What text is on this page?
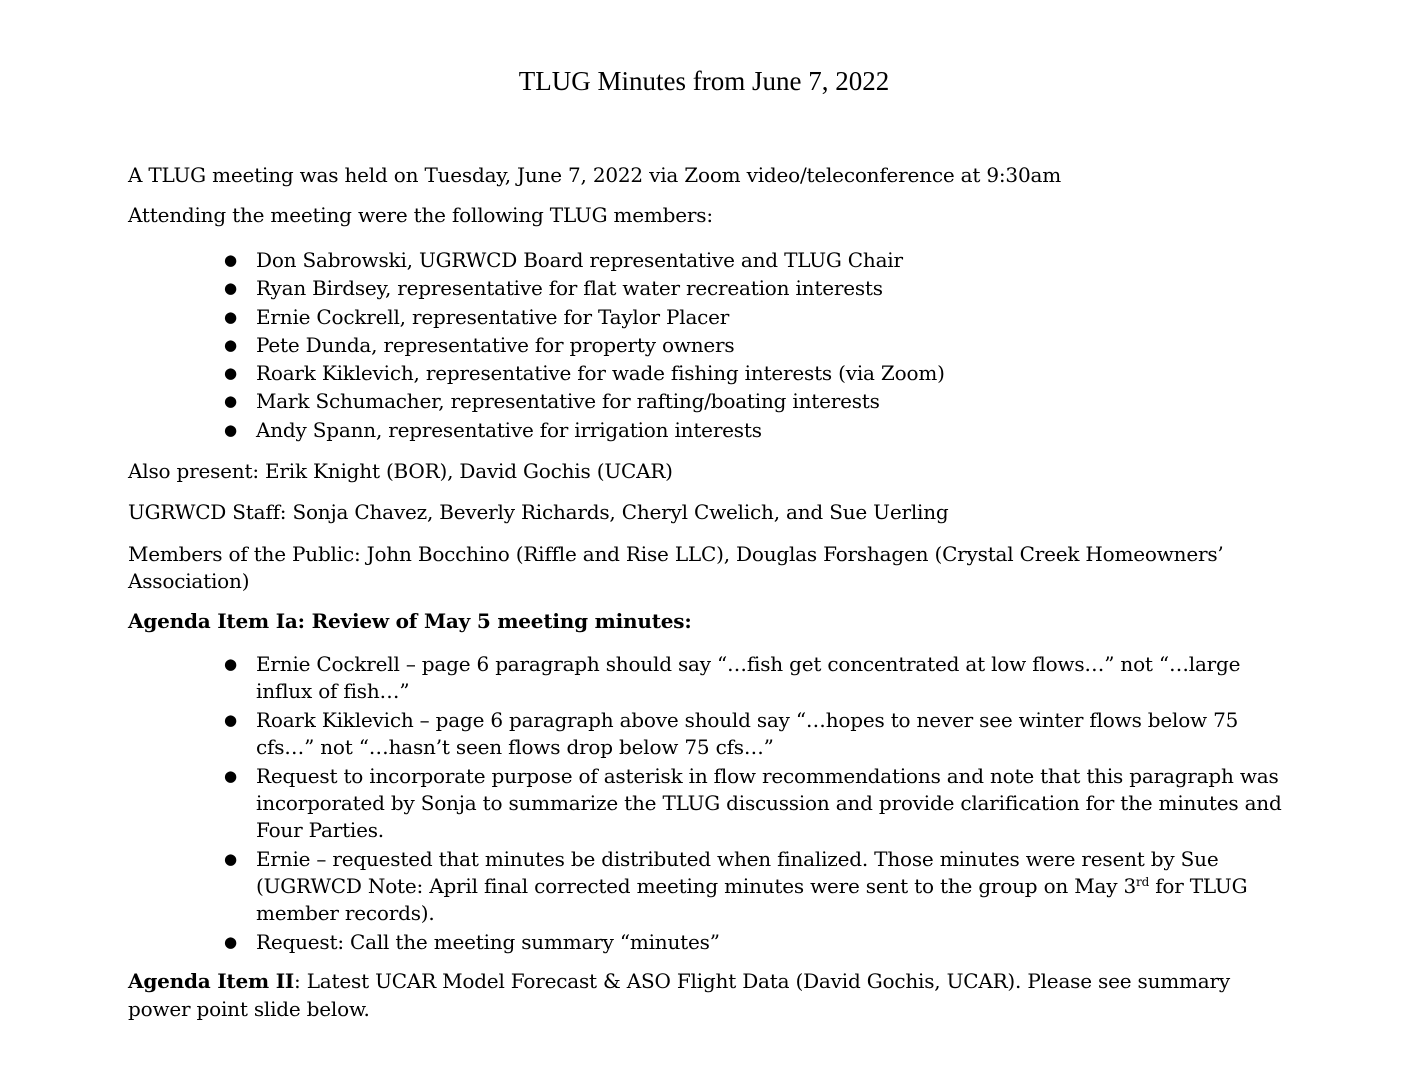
TLUG Minutes from June 7, 2022
A TLUG meeting was held on Tuesday, June 7, 2022 via Zoom video/teleconference at 9:30am
Attending the meeting were the following TLUG members:
● Don Sabrowski, UGRWCD Board representative and TLUG Chair
● Ryan Birdsey, representative for flat water recreation interests
● Ernie Cockrell, representative for Taylor Placer
● Pete Dunda, representative for property owners
● Roark Kiklevich, representative for wade fishing interests (via Zoom)
● Mark Schumacher, representative for rafting/boating interests
● Andy Spann, representative for irrigation interests
Also present: Erik Knight (BOR), David Gochis (UCAR)
UGRWCD Staff: Sonja Chavez, Beverly Richards, Cheryl Cwelich, and Sue Uerling
Members of the Public: John Bocchino (Riffle and Rise LLC), Douglas Forshagen (Crystal Creek Homeowners’ Association)
Agenda Item Ia: Review of May 5 meeting minutes:
● Ernie Cockrell – page 6 paragraph should say “…fish get concentrated at low flows…” not “…large influx of fish…”
● Roark Kiklevich – page 6 paragraph above should say “…hopes to never see winter flows below 75 cfs…” not “…hasn’t seen flows drop below 75 cfs…”
● Request to incorporate purpose of asterisk in flow recommendations and note that this paragraph was incorporated by Sonja to summarize the TLUG discussion and provide clarification for the minutes and Four Parties.
● Ernie – requested that minutes be distributed when finalized. Those minutes were resent by Sue (UGRWCD Note: April final corrected meeting minutes were sent to the group on May 3rd for TLUG member records).
● Request: Call the meeting summary “minutes”
Agenda Item II: Latest UCAR Model Forecast & ASO Flight Data (David Gochis, UCAR). Please see summary power point slide below.
